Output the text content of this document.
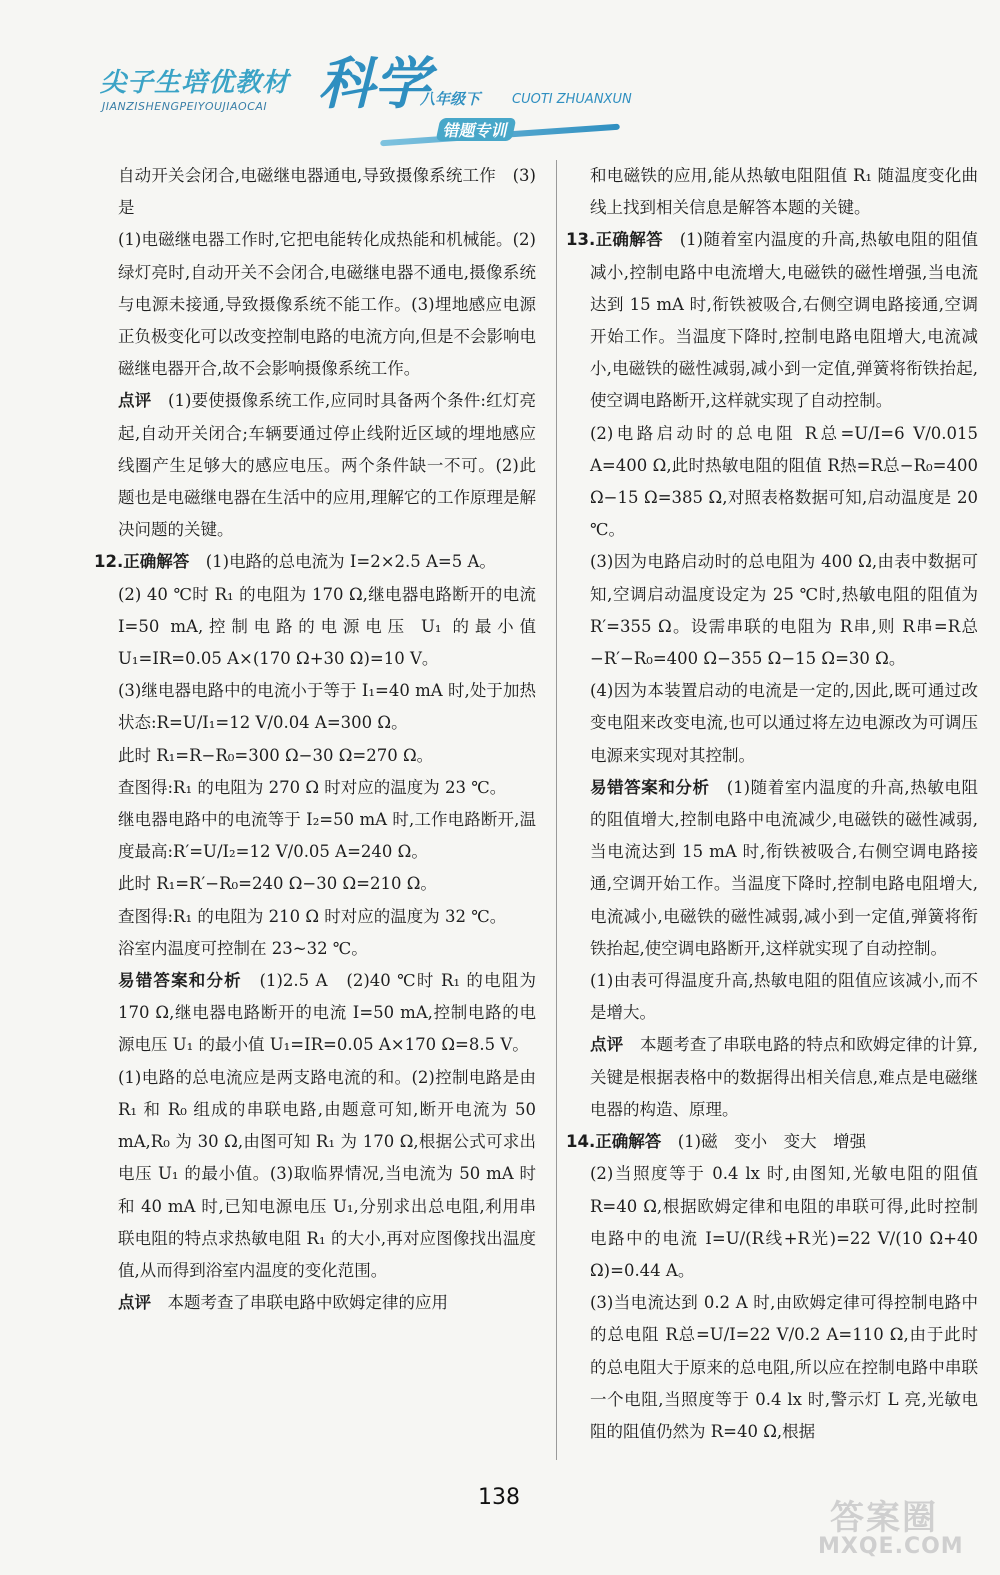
尖子生培优教材
JIANZISHENGPEIYOUJIAOCAI 科学
八年级下 CUOTI ZHUANXUN
错题专训
自动开关会闭合,电磁继电器通电,导致摄像系统工作　(3)是
(1)电磁继电器工作时,它把电能转化成热能和机械能。(2)绿灯亮时,自动开关不会闭合,电磁继电器不通电,摄像系统与电源未接通,导致摄像系统不能工作。(3)埋地感应电源正负极变化可以改变控制电路的电流方向,但是不会影响电磁继电器开合,故不会影响摄像系统工作。
点评　(1)要使摄像系统工作,应同时具备两个条件:红灯亮起,自动开关闭合;车辆要通过停止线附近区域的埋地感应线圈产生足够大的感应电压。两个条件缺一不可。(2)此题也是电磁继电器在生活中的应用,理解它的工作原理是解决问题的关键。
12.正确解答　(1)电路的总电流为 I=2×2.5 A=5 A。
(2) 40 ℃时 R₁ 的电阻为 170 Ω,继电器电路断开的电流 I=50 mA,控制电路的电源电压 U₁ 的最小值 U₁=IR=0.05 A×(170 Ω+30 Ω)=10 V。
(3)继电器电路中的电流小于等于 I₁=40 mA 时,处于加热状态:R=U/I₁=12 V/0.04 A=300 Ω。
此时 R₁=R−R₀=300 Ω−30 Ω=270 Ω。
查图得:R₁ 的电阻为 270 Ω 时对应的温度为 23 ℃。
继电器电路中的电流等于 I₂=50 mA 时,工作电路断开,温度最高:R′=U/I₂=12 V/0.05 A=240 Ω。
此时 R₁=R′−R₀=240 Ω−30 Ω=210 Ω。
查图得:R₁ 的电阻为 210 Ω 时对应的温度为 32 ℃。
浴室内温度可控制在 23~32 ℃。
易错答案和分析　(1)2.5 A　(2)40 ℃时 R₁ 的电阻为 170 Ω,继电器电路断开的电流 I=50 mA,控制电路的电源电压 U₁ 的最小值 U₁=IR=0.05 A×170 Ω=8.5 V。
(1)电路的总电流应是两支路电流的和。(2)控制电路是由 R₁ 和 R₀ 组成的串联电路,由题意可知,断开电流为 50 mA,R₀ 为 30 Ω,由图可知 R₁ 为 170 Ω,根据公式可求出电压 U₁ 的最小值。(3)取临界情况,当电流为 50 mA 时和 40 mA 时,已知电源电压 U₁,分别求出总电阻,利用串联电阻的特点求热敏电阻 R₁ 的大小,再对应图像找出温度值,从而得到浴室内温度的变化范围。
点评　本题考查了串联电路中欧姆定律的应用
和电磁铁的应用,能从热敏电阻阻值 R₁ 随温度变化曲线上找到相关信息是解答本题的关键。
13.正确解答　(1)随着室内温度的升高,热敏电阻的阻值减小,控制电路中电流增大,电磁铁的磁性增强,当电流达到 15 mA 时,衔铁被吸合,右侧空调电路接通,空调开始工作。当温度下降时,控制电路电阻增大,电流减小,电磁铁的磁性减弱,减小到一定值,弹簧将衔铁抬起,使空调电路断开,这样就实现了自动控制。
(2)电路启动时的总电阻 R总=U/I=6 V/0.015 A=400 Ω,此时热敏电阻的阻值 R热=R总−R₀=400 Ω−15 Ω=385 Ω,对照表格数据可知,启动温度是 20 ℃。
(3)因为电路启动时的总电阻为 400 Ω,由表中数据可知,空调启动温度设定为 25 ℃时,热敏电阻的阻值为 R′=355 Ω。设需串联的电阻为 R串,则 R串=R总−R′−R₀=400 Ω−355 Ω−15 Ω=30 Ω。
(4)因为本装置启动的电流是一定的,因此,既可通过改变电阻来改变电流,也可以通过将左边电源改为可调压电源来实现对其控制。
易错答案和分析　(1)随着室内温度的升高,热敏电阻的阻值增大,控制电路中电流减少,电磁铁的磁性减弱,当电流达到 15 mA 时,衔铁被吸合,右侧空调电路接通,空调开始工作。当温度下降时,控制电路电阻增大,电流减小,电磁铁的磁性减弱,减小到一定值,弹簧将衔铁抬起,使空调电路断开,这样就实现了自动控制。
(1)由表可得温度升高,热敏电阻的阻值应该减小,而不是增大。
点评　本题考查了串联电路的特点和欧姆定律的计算,关键是根据表格中的数据得出相关信息,难点是电磁继电器的构造、原理。
14.正确解答　(1)磁　变小　变大　增强
(2)当照度等于 0.4 lx 时,由图知,光敏电阻的阻值 R=40 Ω,根据欧姆定律和电阻的串联可得,此时控制电路中的电流 I=U/(R线+R光)=22 V/(10 Ω+40 Ω)=0.44 A。
(3)当电流达到 0.2 A 时,由欧姆定律可得控制电路中的总电阻 R总=U/I=22 V/0.2 A=110 Ω,由于此时的总电阻大于原来的总电阻,所以应在控制电路中串联一个电阻,当照度等于 0.4 lx 时,警示灯 L 亮,光敏电阻的阻值仍然为 R=40 Ω,根据
138
答案圈
MXQE.COM
